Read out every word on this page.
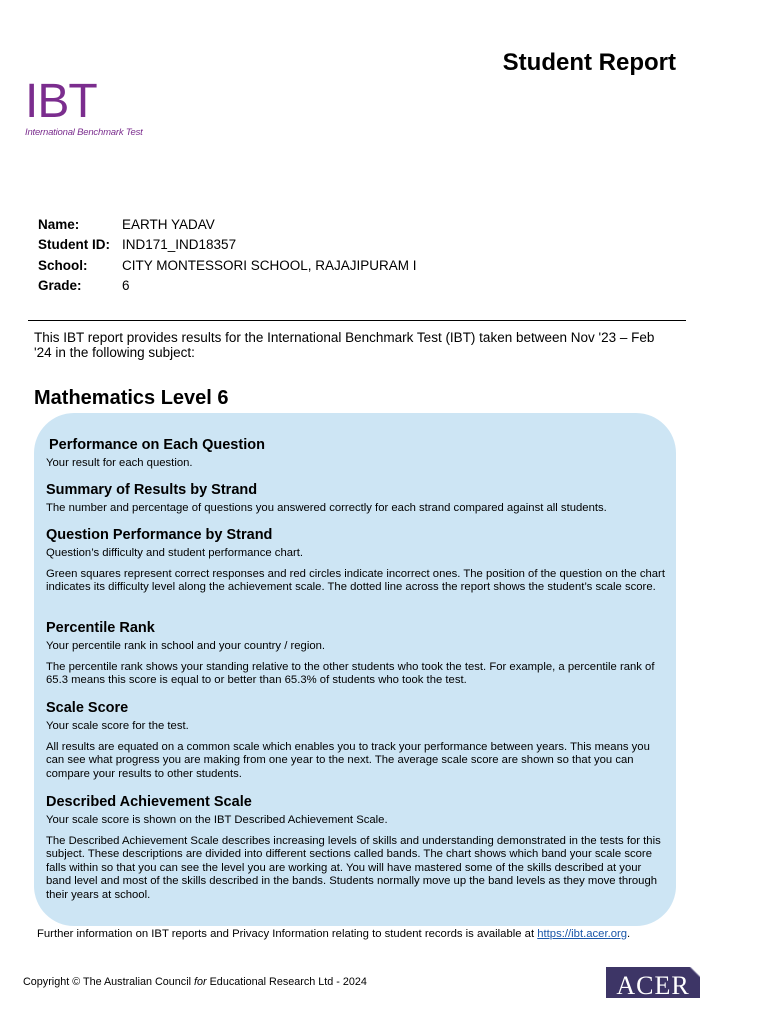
Student Report
IBT
International Benchmark Test
Name:	EARTH YADAV
Student ID: IND171_IND18357
School:	CITY MONTESSORI SCHOOL, RAJAJIPURAM I
Grade:	6
This IBT report provides results for the International Benchmark Test (IBT) taken between Nov '23 – Feb '24 in the following subject:
Mathematics Level 6
Performance on Each Question

Your result for each question.

Summary of Results by Strand

The number and percentage of questions you answered correctly for each strand compared against all students.

Question Performance by Strand

Question’s difficulty and student performance chart.

Green squares represent correct responses and red circles indicate incorrect ones. The position of the question on the chart indicates its difficulty level along the achievement scale. The dotted line across the report shows the student’s scale score.

Percentile Rank

Your percentile rank in school and your country / region.

The percentile rank shows your standing relative to the other students who took the test. For example, a percentile rank of 65.3 means this score is equal to or better than 65.3% of students who took the test.

Scale Score

Your scale score for the test.

All results are equated on a common scale which enables you to track your performance between years. This means you can see what progress you are making from one year to the next. The average scale score are shown so that you can compare your results to other students.

Described Achievement Scale

Your scale score is shown on the IBT Described Achievement Scale.

The Described Achievement Scale describes increasing levels of skills and understanding demonstrated in the tests for this subject. These descriptions are divided into different sections called bands. The chart shows which band your scale score falls within so that you can see the level you are working at. You will have mastered some of the skills described at your band level and most of the skills described in the bands. Students normally move up the band levels as they move through their years at school.

Further information on IBT reports and Privacy Information relating to student records is available at https://ibt.acer.org.
Copyright © The Australian Council for Educational Research Ltd - 2024	ACER
